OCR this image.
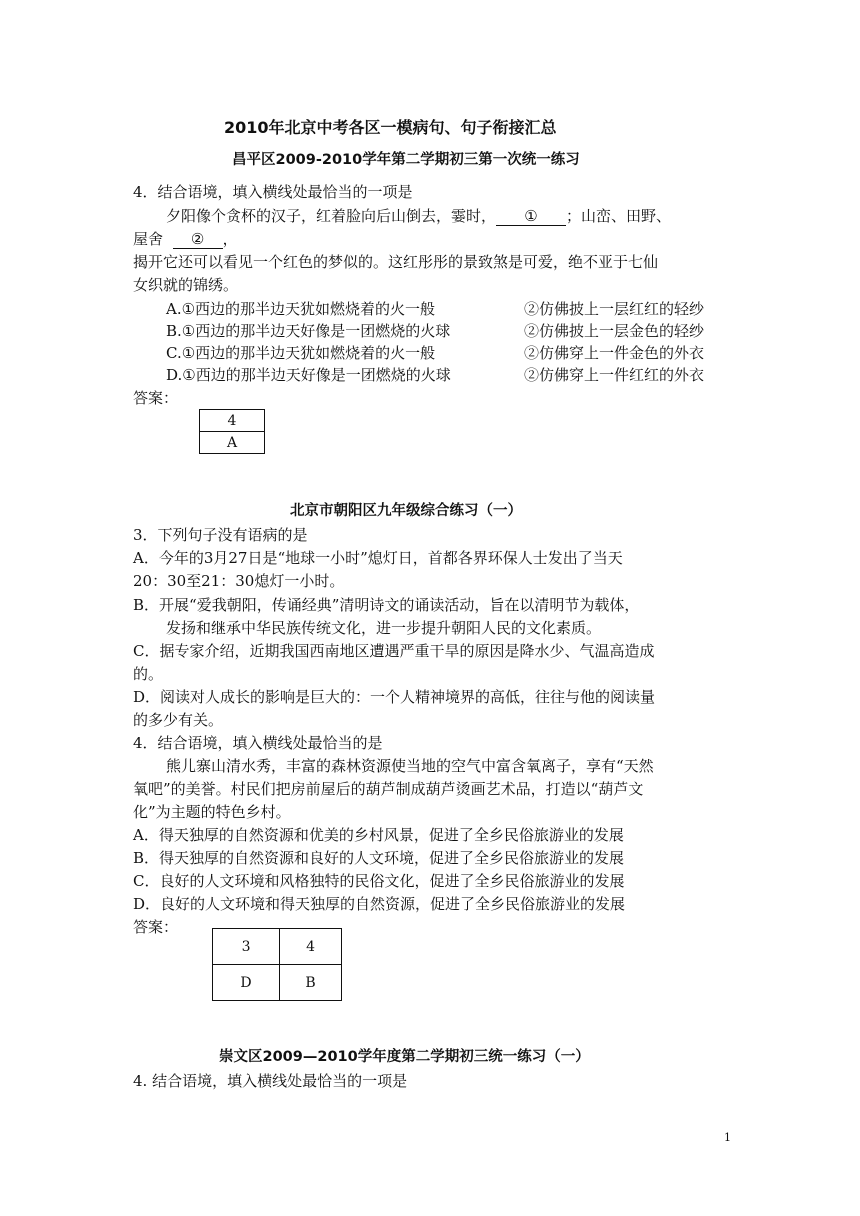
2010年北京中考各区一模病句、句子衔接汇总
昌平区2009-2010学年第二学期初三第一次统一练习
4．结合语境，填入横线处最恰当的一项是
夕阳像个贪杯的汉子，红着脸向后山倒去，霎时， ① ；山峦、田野、
屋舍 ② ，
揭开它还可以看见一个红色的梦似的。这红彤彤的景致煞是可爱，绝不亚于七仙
女织就的锦绣。
A.①西边的那半边天犹如燃烧着的火一般	②仿佛披上一层红红的轻纱
B.①西边的那半边天好像是一团燃烧的火球	②仿佛披上一层金色的轻纱
C.①西边的那半边天犹如燃烧着的火一般	②仿佛穿上一件金色的外衣
D.①西边的那半边天好像是一团燃烧的火球	②仿佛穿上一件红红的外衣
答案：
4
A
北京市朝阳区九年级综合练习（一）
3．下列句子没有语病的是
A．今年的3月27日是“地球一小时”熄灯日，首都各界环保人士发出了当天
20：30至21：30熄灯一小时。
B．开展“爱我朝阳，传诵经典”清明诗文的诵读活动，旨在以清明节为载体，
发扬和继承中华民族传统文化，进一步提升朝阳人民的文化素质。
C．据专家介绍，近期我国西南地区遭遇严重干旱的原因是降水少、气温高造成
的。
D．阅读对人成长的影响是巨大的：一个人精神境界的高低，往往与他的阅读量
的多少有关。
4．结合语境，填入横线处最恰当的是
熊儿寨山清水秀，丰富的森林资源使当地的空气中富含氧离子，享有“天然
氧吧”的美誉。村民们把房前屋后的葫芦制成葫芦烫画艺术品，打造以“葫芦文
化”为主题的特色乡村。
A．得天独厚的自然资源和优美的乡村风景，促进了全乡民俗旅游业的发展
B．得天独厚的自然资源和良好的人文环境，促进了全乡民俗旅游业的发展
C．良好的人文环境和风格独特的民俗文化，促进了全乡民俗旅游业的发展
D．良好的人文环境和得天独厚的自然资源，促进了全乡民俗旅游业的发展
答案：
3	4
D	B
崇文区2009—2010学年度第二学期初三统一练习（一）
4. 结合语境，填入横线处最恰当的一项是
1
